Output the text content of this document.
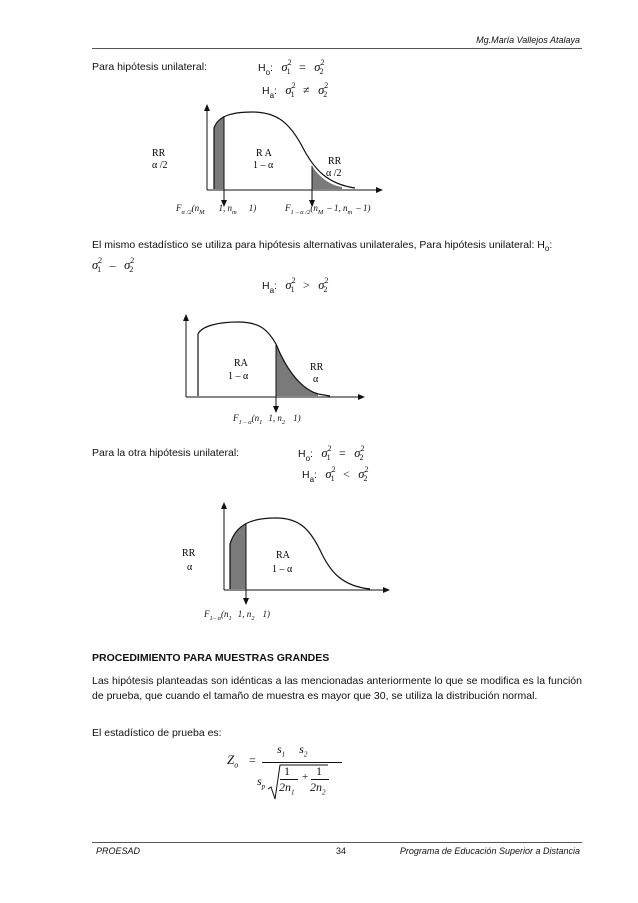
Mg.María Vallejos Atalaya
Para hipótesis unilateral:	$H_o$: $\sigma^21 = \sigma^22$
$H_a$: $\sigma^21 \ne \sigma^22$
RR
α /2
R A
1 – α	RR
α /2
$F_{\alpha /2}(n_M$ 1, $n_m$ 1)	$F_{1 - \alpha /2}(n_M - 1$, $n_m - 1$)
El mismo estadístico se utiliza para hipótesis alternativas unilaterales, Para hipótesis unilateral: $H_o$:
$\sigma^21 - \sigma^22$
$H_a$: $\sigma^21 > \sigma^22$
RA
1 – α
RR
α
$F_{1 - \alpha}(n_1$ 1, $n_2$ 1)
Para la otra hipótesis unilateral:	$H_o$: $\sigma^21 = \sigma^22$
$H_a$: $\sigma^21 < \sigma^22$
RR
α
RA
1 – α
$F_{1- \alpha}(n_1$ 1, $n_2$ 1)
PROCEDIMIENTO PARA MUESTRAS GRANDES
Las hipótesis planteadas son idénticas a las mencionadas anteriormente lo que se modifica es la función de prueba, que cuando el tamaño de muestra es mayor que 30, se utiliza la distribución normal.
El estadístico de prueba es:
$Z_o$ =
$s_1$ $s_2$
$s_p$
1
$2n_1$
+ 1
$2n_2$
PROESAD	34	Programa de Educación Superior a Distancia
